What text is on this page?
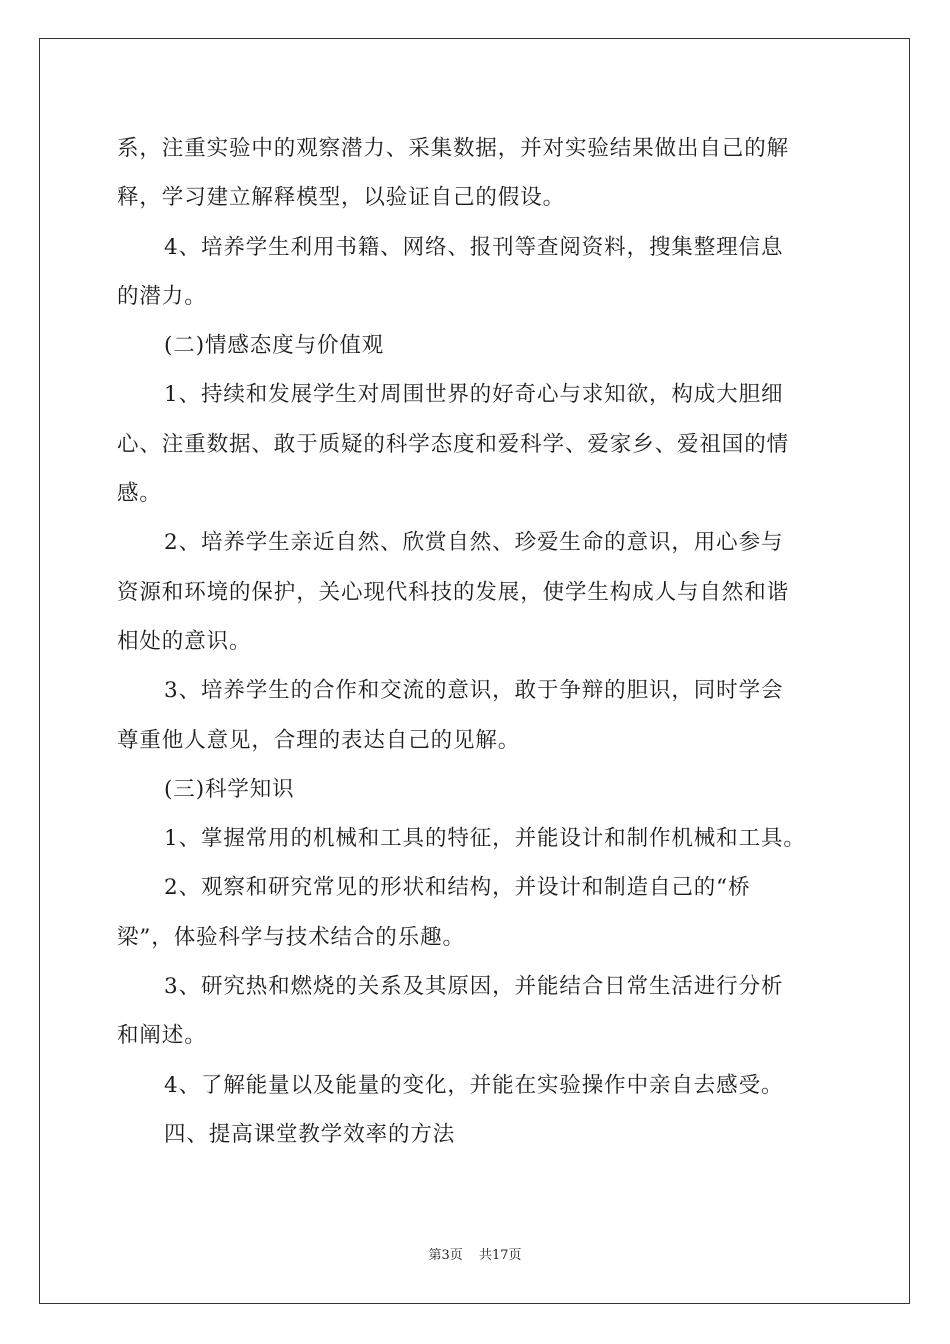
系，注重实验中的观察潜力、采集数据，并对实验结果做出自己的解
释，学习建立解释模型，以验证自己的假设。
4、培养学生利用书籍、网络、报刊等查阅资料，搜集整理信息
的潜力。
(二)情感态度与价值观
1、持续和发展学生对周围世界的好奇心与求知欲，构成大胆细
心、注重数据、敢于质疑的科学态度和爱科学、爱家乡、爱祖国的情
感。
2、培养学生亲近自然、欣赏自然、珍爱生命的意识，用心参与
资源和环境的保护，关心现代科技的发展，使学生构成人与自然和谐
相处的意识。
3、培养学生的合作和交流的意识，敢于争辩的胆识，同时学会
尊重他人意见，合理的表达自己的见解。
(三)科学知识
1、掌握常用的机械和工具的特征，并能设计和制作机械和工具。
2、观察和研究常见的形状和结构，并设计和制造自己的“桥
梁”，体验科学与技术结合的乐趣。
3、研究热和燃烧的关系及其原因，并能结合日常生活进行分析
和阐述。
4、了解能量以及能量的变化，并能在实验操作中亲自去感受。
四、提高课堂教学效率的方法
第3页 共17页
